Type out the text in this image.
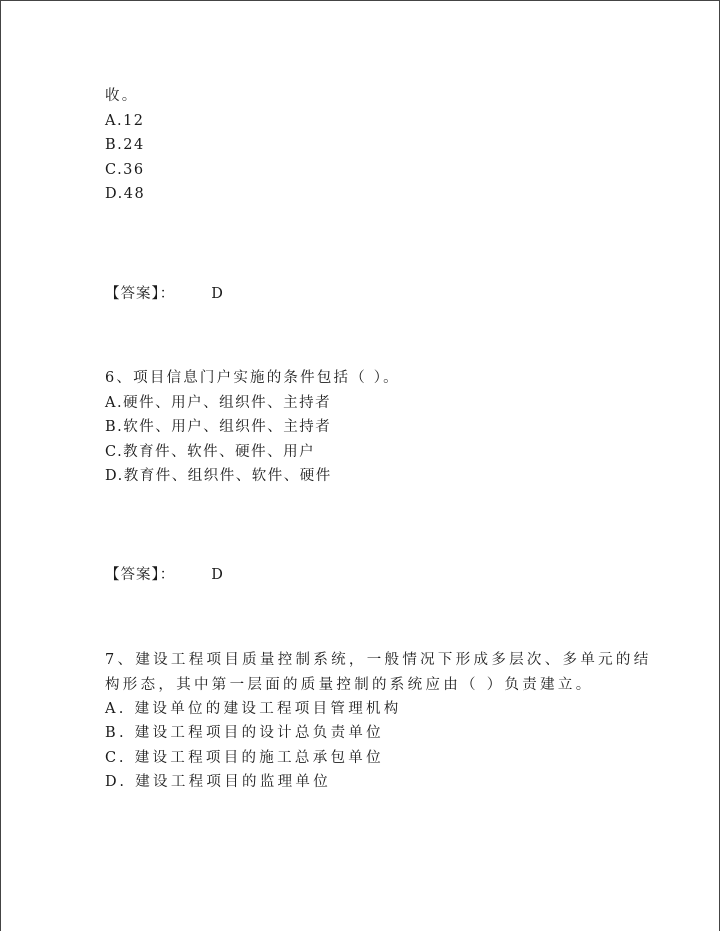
收。
A.12
B.24
C.36
D.48
【答案】： D
6、项目信息门户实施的条件包括（ ）。
A.硬件、用户、组织件、主持者
B.软件、用户、组织件、主持者
C.教育件、软件、硬件、用户
D.教育件、组织件、软件、硬件
【答案】： D
7、建设工程项目质量控制系统，一般情况下形成多层次、多单元的结
构形态，其中第一层面的质量控制的系统应由（ ）负责建立。
A. 建设单位的建设工程项目管理机构
B. 建设工程项目的设计总负责单位
C. 建设工程项目的施工总承包单位
D. 建设工程项目的监理单位
